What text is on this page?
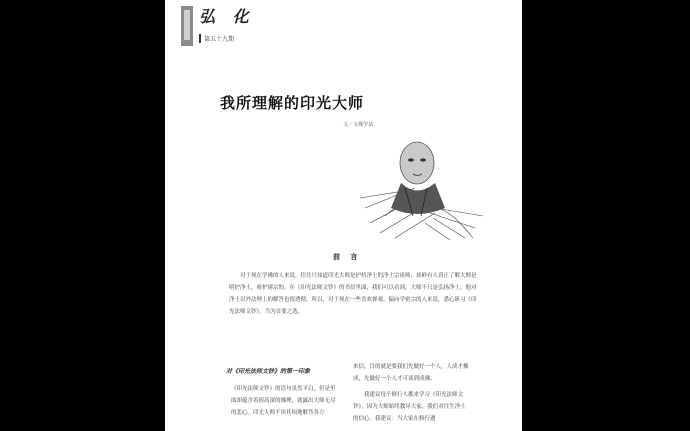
弘 化
第五十九期
我所理解的印光大师
文／文殊学诂
前 言

对于现在学佛的人来说，往往只知道印光大师是护持净土的净土宗祖师，却鲜有人真正了解大师是明护净土，密护诸宗的。在《印光法师文钞》的书信里面，我们可以看到，大师不只是弘扬净土，他对净土以外法理上的解答也很透彻。所以，对于现在一些喜欢禅观、偏向学密宗的人来说，悉心研习《印光法师文钞》，当为首要之选。

对《印光法师文钞》的第一印象

《印光法师文钞》的语句虽然平白，但是里面却蕴含着很高深的佛理，就露出大师无尽的悲心。印光大师不厌其烦地解答各方

来信，目的就是要我们先做好一个人，人成才佛成，先做好一个人才可谈到成佛。

我建议每个修行人都来学习《印光法师文钞》，因为大师始终教导大家，我们对往生净土的信心。我建议：当大家在修行遇
